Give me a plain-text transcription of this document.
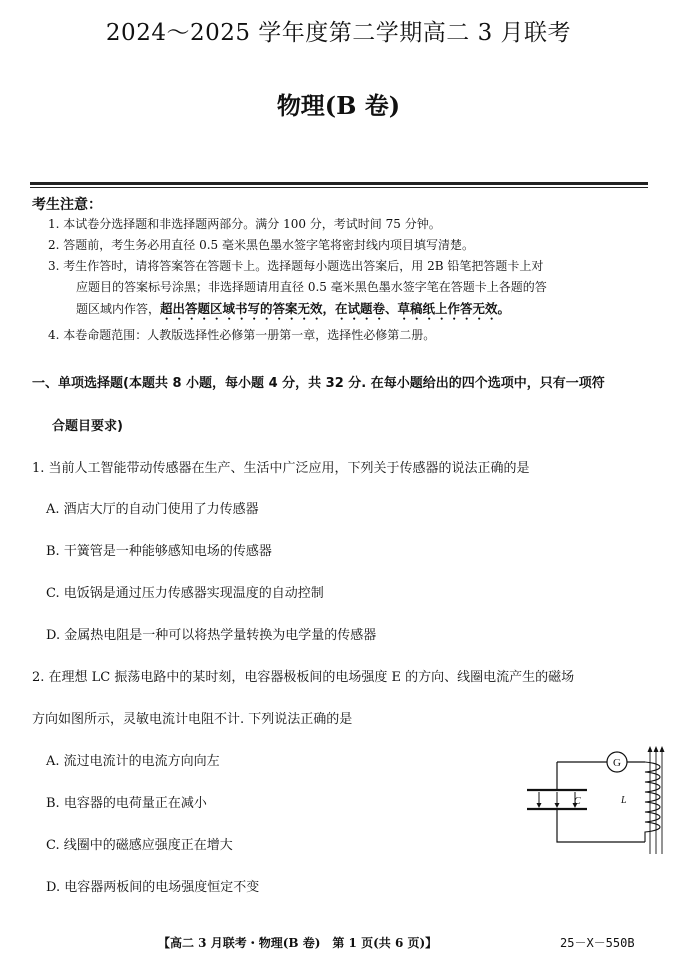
2024～2025 学年度第二学期高二 3 月联考
物理(B 卷)
考生注意：
1. 本试卷分选择题和非选择题两部分。满分 100 分，考试时间 75 分钟。
2. 答题前，考生务必用直径 0.5 毫米黑色墨水签字笔将密封线内项目填写清楚。
3. 考生作答时，请将答案答在答题卡上。选择题每小题选出答案后，用 2B 铅笔把答题卡上对
应题目的答案标号涂黑；非选择题请用直径 0.5 毫米黑色墨水签字笔在答题卡上各题的答
题区域内作答，超出答题区域书写的答案无效，在试题卷、草稿纸上作答无效。
4. 本卷命题范围：人教版选择性必修第一册第一章，选择性必修第二册。
一、单项选择题(本题共 8 小题，每小题 4 分，共 32 分. 在每小题给出的四个选项中，只有一项符
合题目要求)
1. 当前人工智能带动传感器在生产、生活中广泛应用，下列关于传感器的说法正确的是
A. 酒店大厅的自动门使用了力传感器
B. 干簧管是一种能够感知电场的传感器
C. 电饭锅是通过压力传感器实现温度的自动控制
D. 金属热电阻是一种可以将热学量转换为电学量的传感器
2. 在理想 LC 振荡电路中的某时刻，电容器极板间的电场强度 E 的方向、线圈电流产生的磁场
方向如图所示，灵敏电流计电阻不计. 下列说法正确的是
A. 流过电流计的电流方向向左
B. 电容器的电荷量正在减小
C. 线圈中的磁感应强度正在增大
D. 电容器两板间的电场强度恒定不变
C
G
L
【高二 3 月联考・物理(B 卷)　第 1 页(共 6 页)】	25－X－550B
